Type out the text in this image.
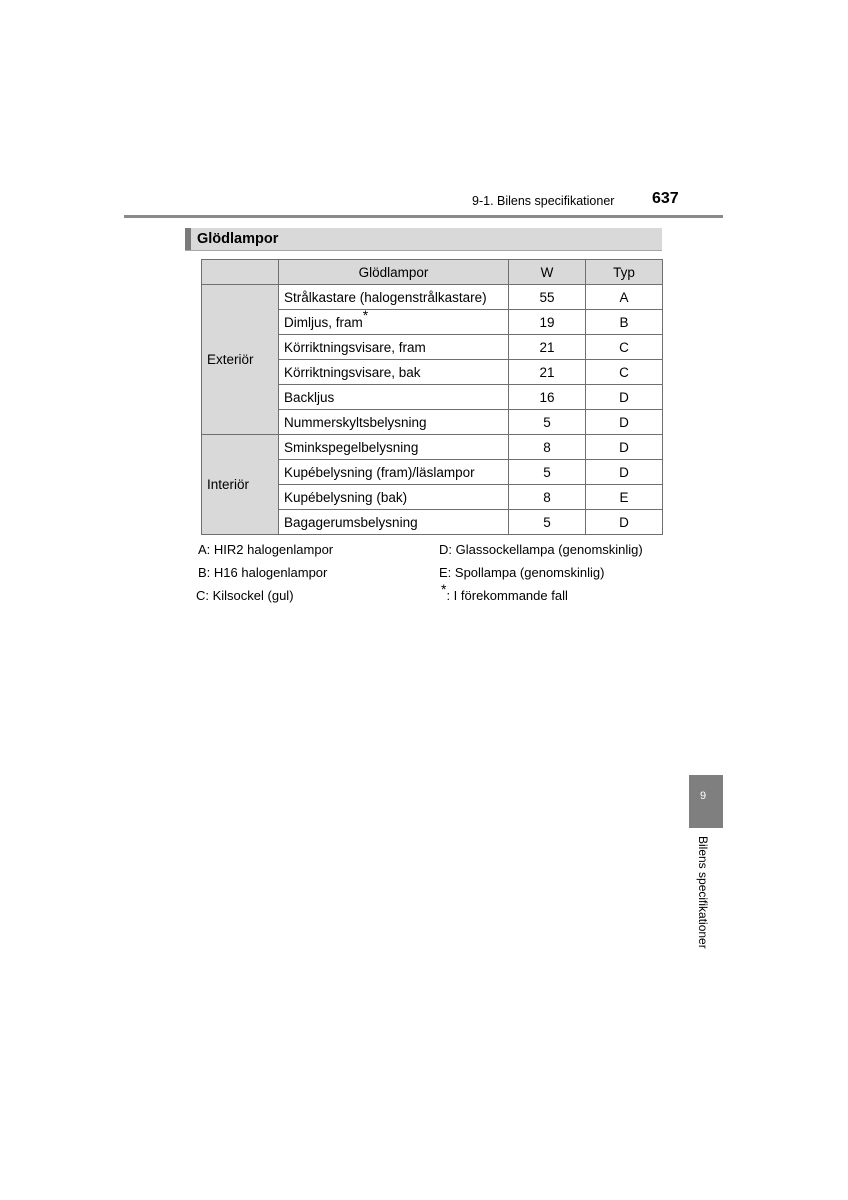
9-1. Bilens specifikationer 637
Glödlampor
	Glödlampor	W	Typ
Exteriör	Strålkastare (halogenstrålkastare)	55	A
	Dimljus, fram*	19	B
	Körriktningsvisare, fram	21	C
	Körriktningsvisare, bak	21	C
	Backljus	16	D
	Nummerskyltsbelysning	5	D
Interiör	Sminkspegelbelysning	8	D
	Kupébelysning (fram)/läslampor	5	D
	Kupébelysning (bak)	8	E
	Bagagerumsbelysning	5	D
A: HIR2 halogenlampor
B: H16 halogenlampor
C: Kilsockel (gul)
D: Glassockellampa (genomskinlig)
E: Spollampa (genomskinlig)
*: I förekommande fall
9
Bilens specifikationer
